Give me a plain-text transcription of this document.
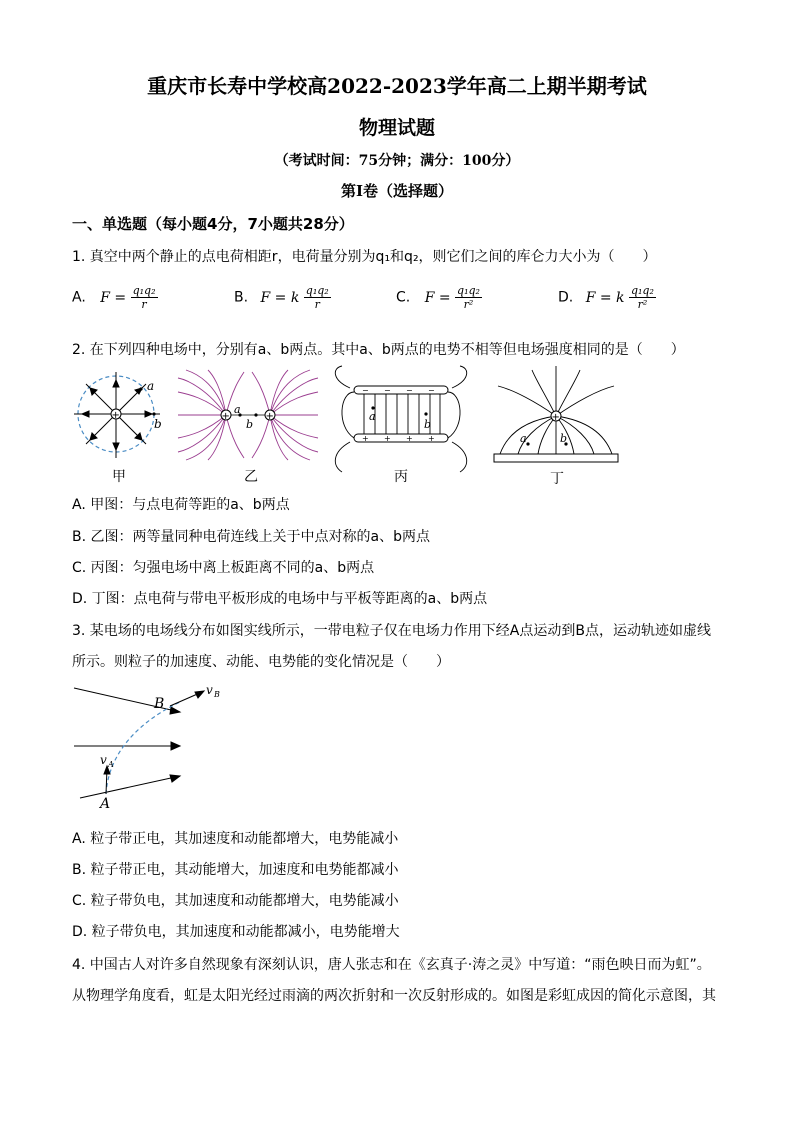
重庆市长寿中学校高2022-2023学年高二上期半期考试
物理试题
（考试时间：75分钟；满分：100分）
第I卷（选择题）
一、单选题（每小题4分，7小题共28分）
1. 真空中两个静止的点电荷相距r，电荷量分别为q₁和q₂，则它们之间的库仑力大小为（　　）
A. $F = \frac{\text{q₁q₂}}{r}$	B. F = k $\frac{\text{q₁q₂}}{r}$	C. $F = \frac{\text{q₁q₂}}{\text{r²}}$	D. F = k $\frac{\text{q₁q₂}}{\text{r²}}$
2. 在下列四种电场中，分别有a、b两点。其中a、b两点的电势不相等但电场强度相同的是（　　）
+
a
b
甲
+	+
a
b
乙
− − − −
+ + + +
a
b
丙
+
a	b
丁
A. 甲图：与点电荷等距的a、b两点
B. 乙图：两等量同种电荷连线上关于中点对称的a、b两点
C. 丙图：匀强电场中离上板距离不同的a、b两点
D. 丁图：点电荷与带电平板形成的电场中与平板等距离的a、b两点
3. 某电场的电场线分布如图实线所示，一带电粒子仅在电场力作用下经A点运动到B点，运动轨迹如虚线
所示。则粒子的加速度、动能、电势能的变化情况是（　　）
v A
v B
B
A
A. 粒子带正电，其加速度和动能都增大，电势能减小
B. 粒子带正电，其动能增大，加速度和电势能都减小
C. 粒子带负电，其加速度和动能都增大，电势能减小
D. 粒子带负电，其加速度和动能都减小，电势能增大
4. 中国古人对许多自然现象有深刻认识，唐人张志和在《玄真子·涛之灵》中写道：“雨色映日而为虹”。
从物理学角度看，虹是太阳光经过雨滴的两次折射和一次反射形成的。如图是彩虹成因的简化示意图，其
